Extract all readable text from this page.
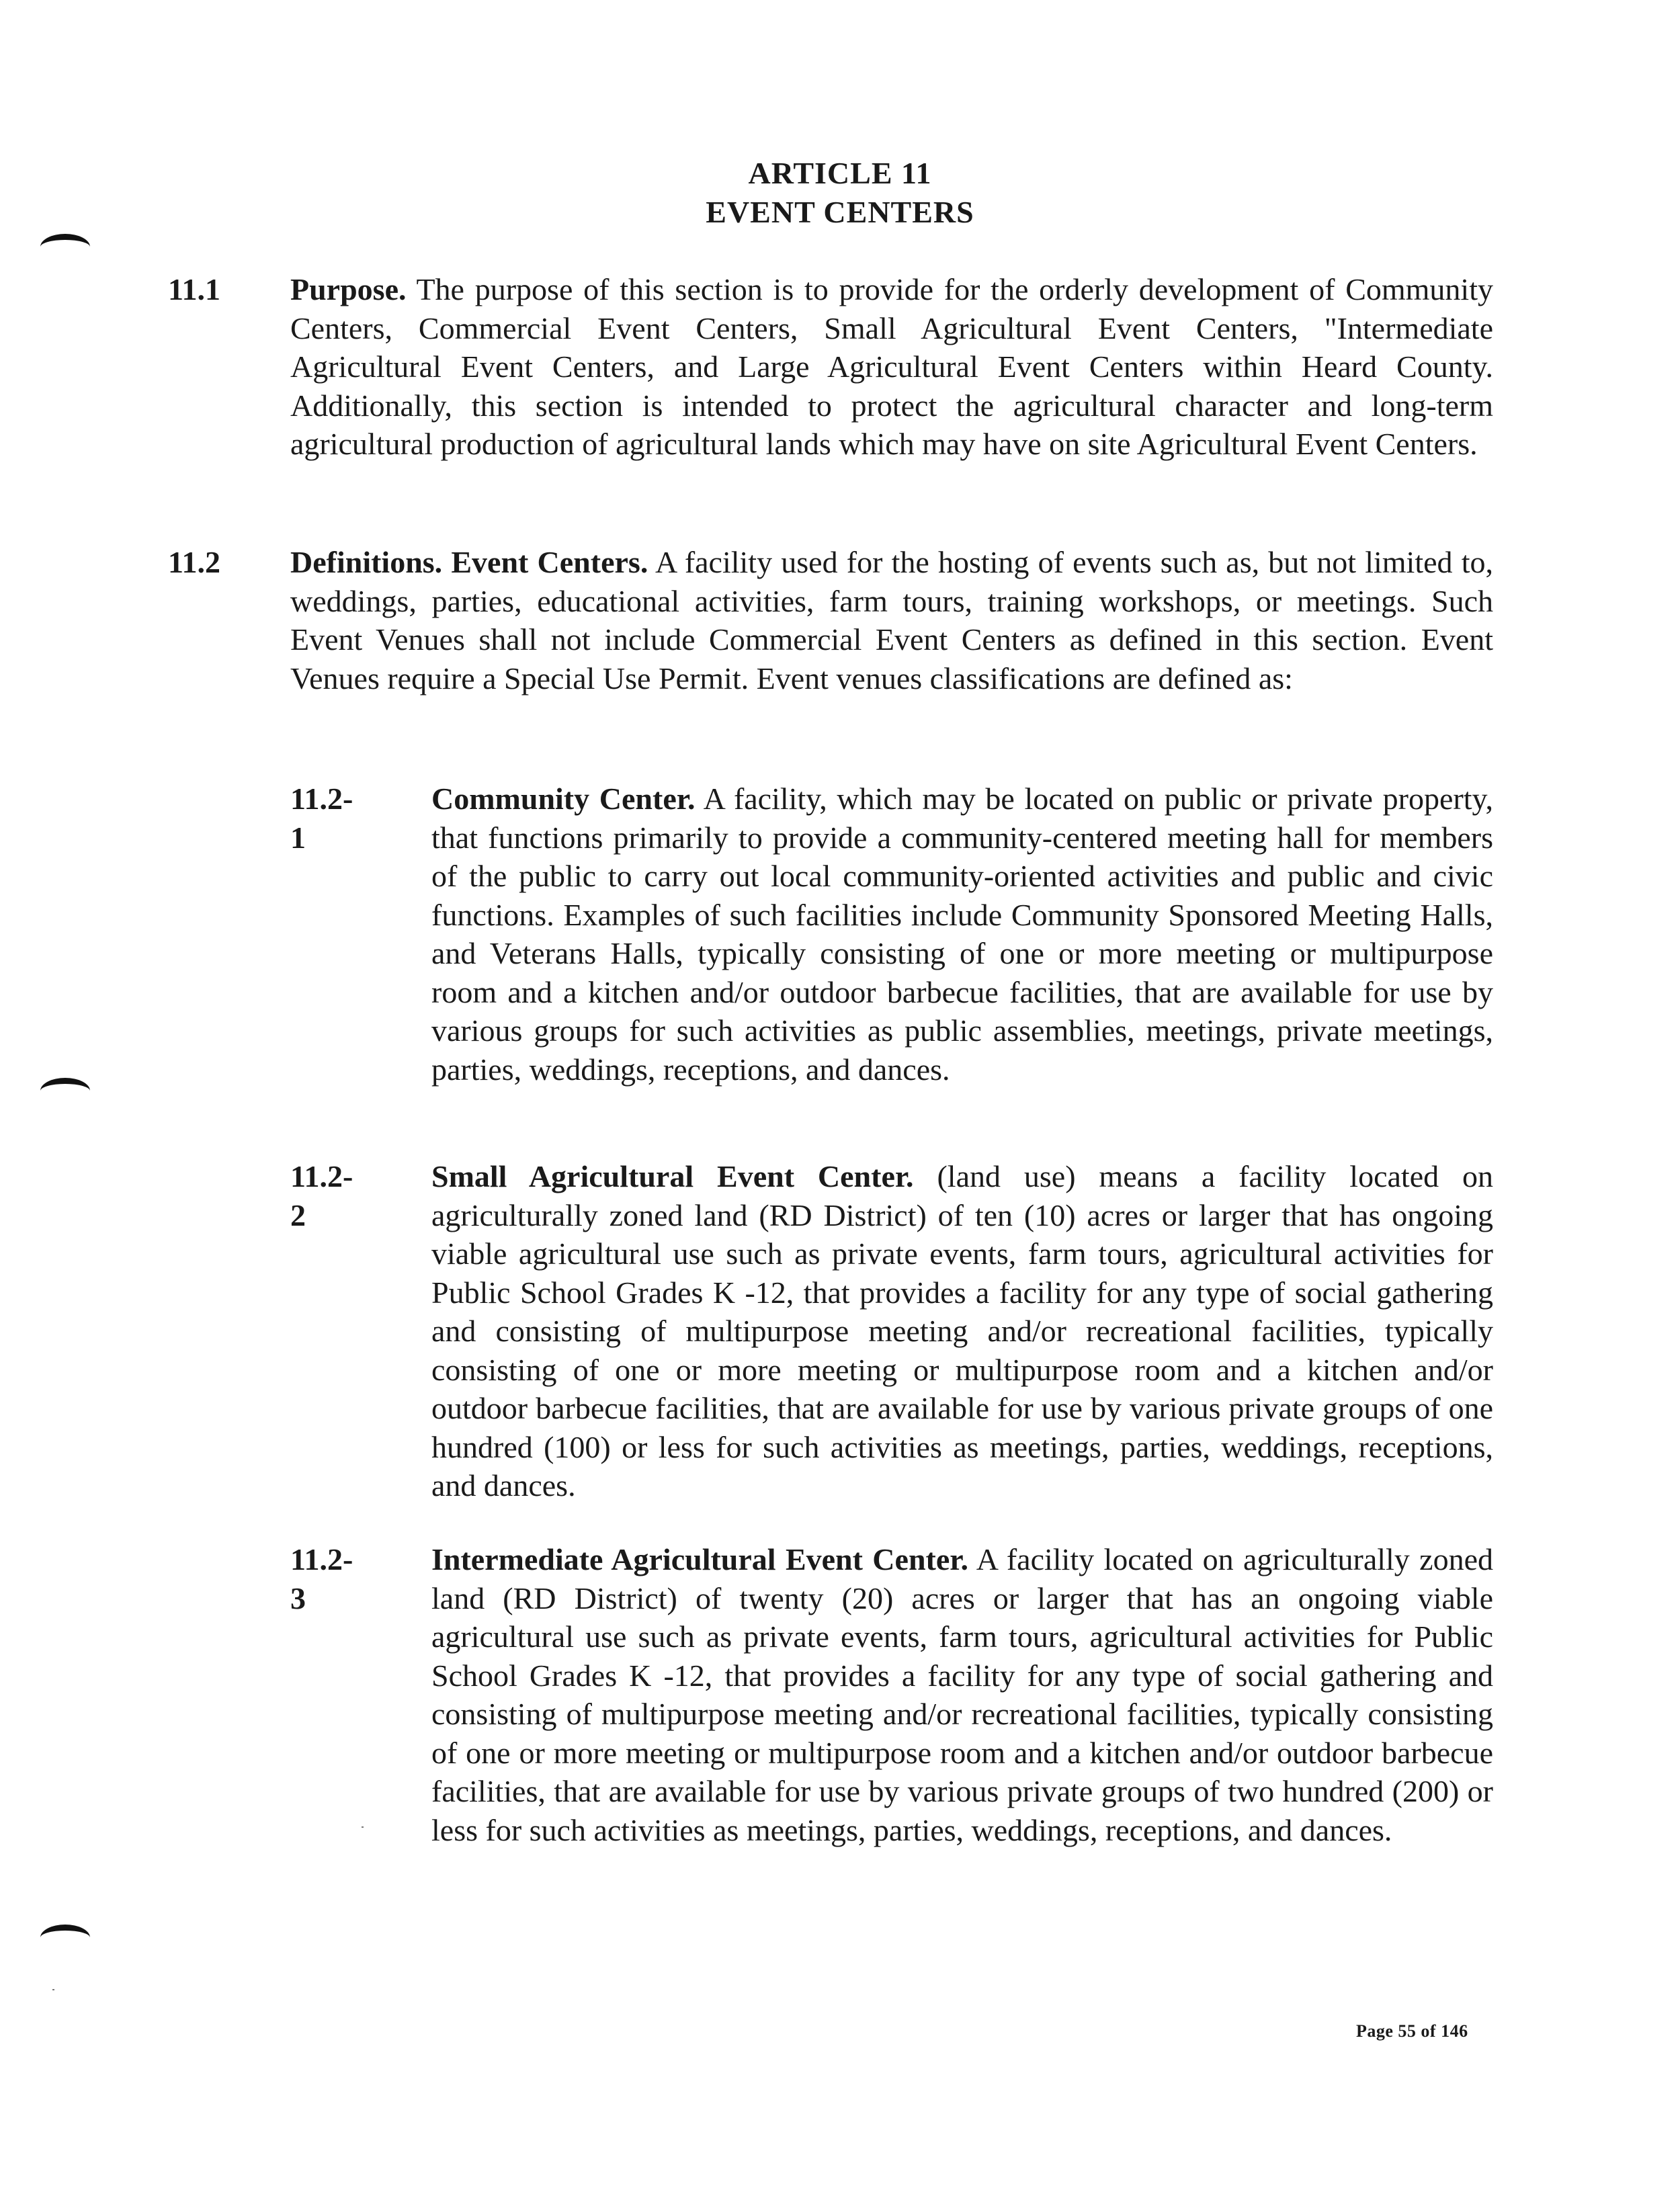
ARTICLE 11
EVENT CENTERS
11.1 Purpose. The purpose of this section is to provide for the orderly development of Community Centers, Commercial Event Centers, Small Agricultural Event Centers, "Intermediate Agricultural Event Centers, and Large Agricultural Event Centers within Heard County. Additionally, this section is intended to protect the agricultural character and long-term agricultural production of agricultural lands which may have on site Agricultural Event Centers.
11.2 Definitions. Event Centers. A facility used for the hosting of events such as, but not limited to, weddings, parties, educational activities, farm tours, training workshops, or meetings. Such Event Venues shall not include Commercial Event Centers as defined in this section. Event Venues require a Special Use Permit. Event venues classifications are defined as:
11.2-1
Community Center. A facility, which may be located on public or private property, that functions primarily to provide a community-centered meeting hall for members of the public to carry out local community-oriented activities and public and civic functions. Examples of such facilities include Community Sponsored Meeting Halls, and Veterans Halls, typically consisting of one or more meeting or multipurpose room and a kitchen and/or outdoor barbecue facilities, that are available for use by various groups for such activities as public assemblies, meetings, private meetings, parties, weddings, receptions, and dances.
11.2-2
Small Agricultural Event Center. (land use) means a facility located on agriculturally zoned land (RD District) of ten (10) acres or larger that has ongoing viable agricultural use such as private events, farm tours, agricultural activities for Public School Grades K -12, that provides a facility for any type of social gathering and consisting of multipurpose meeting and/or recreational facilities, typically consisting of one or more meeting or multipurpose room and a kitchen and/or outdoor barbecue facilities, that are available for use by various private groups of one hundred (100) or less for such activities as meetings, parties, weddings, receptions, and dances.
11.2-3
Intermediate Agricultural Event Center. A facility located on agriculturally zoned land (RD District) of twenty (20) acres or larger that has an ongoing viable agricultural use such as private events, farm tours, agricultural activities for Public School Grades K -12, that provides a facility for any type of social gathering and consisting of multipurpose meeting and/or recreational facilities, typically consisting of one or more meeting or multipurpose room and a kitchen and/or outdoor barbecue facilities, that are available for use by various private groups of two hundred (200) or less for such activities as meetings, parties, weddings, receptions, and dances.
Page 55 of 146
